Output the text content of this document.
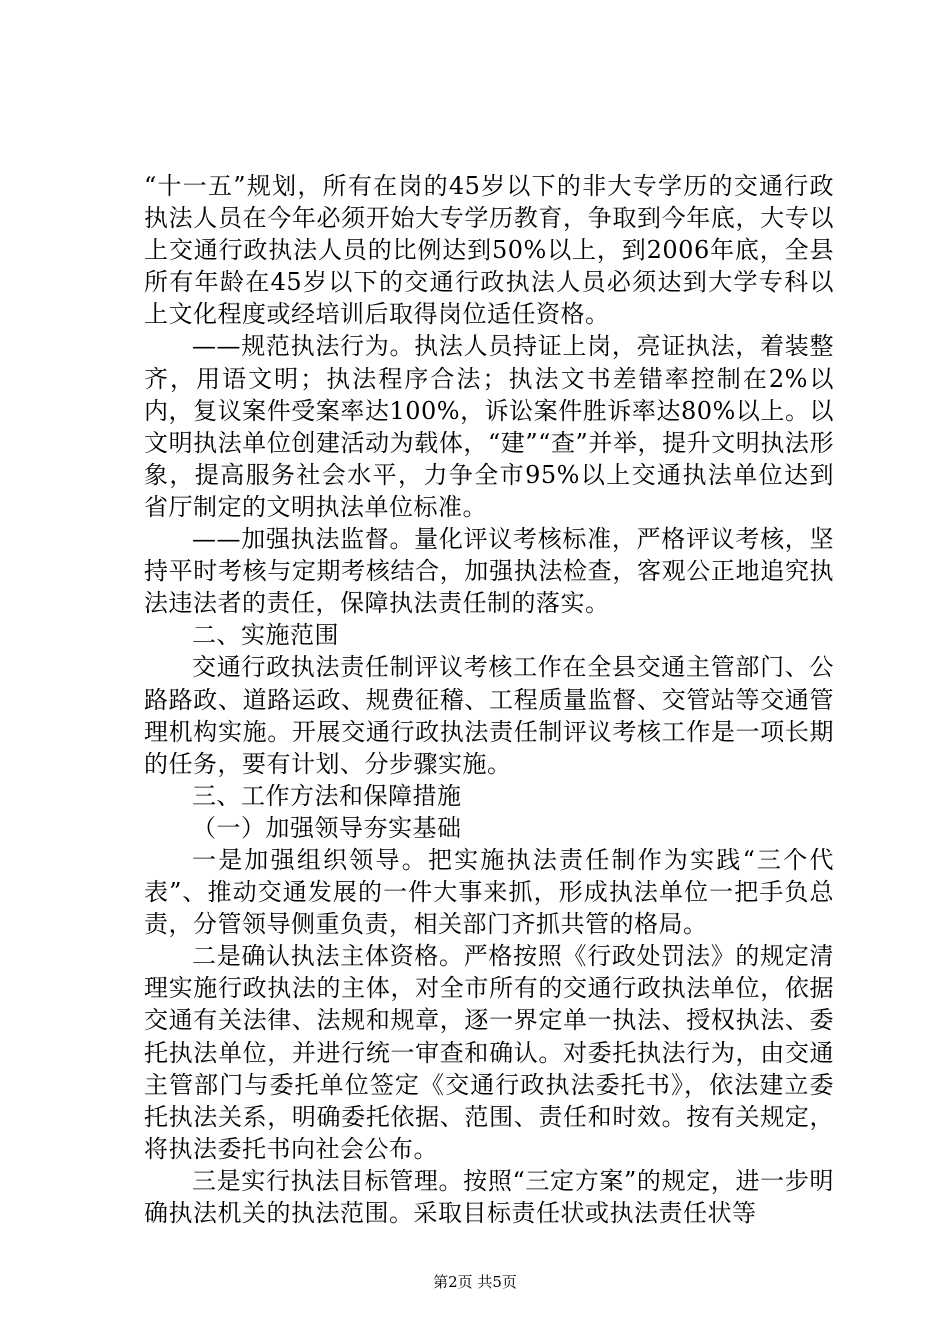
“十一五”规划，所有在岗的45岁以下的非大专学历的交通行政执法人员在今年必须开始大专学历教育，争取到今年底，大专以上交通行政执法人员的比例达到50%以上，到2006年底，全县所有年龄在45岁以下的交通行政执法人员必须达到大学专科以上文化程度或经培训后取得岗位适任资格。

——规范执法行为。执法人员持证上岗，亮证执法，着装整齐，用语文明；执法程序合法；执法文书差错率控制在2%以内，复议案件受案率达100%，诉讼案件胜诉率达80%以上。以文明执法单位创建活动为载体，“建”“查”并举，提升文明执法形象，提高服务社会水平，力争全市95%以上交通执法单位达到省厅制定的文明执法单位标准。

——加强执法监督。量化评议考核标准，严格评议考核，坚持平时考核与定期考核结合，加强执法检查，客观公正地追究执法违法者的责任，保障执法责任制的落实。

二、实施范围

交通行政执法责任制评议考核工作在全县交通主管部门、公路路政、道路运政、规费征稽、工程质量监督、交管站等交通管理机构实施。开展交通行政执法责任制评议考核工作是一项长期的任务，要有计划、分步骤实施。

三、工作方法和保障措施

（一）加强领导夯实基础

一是加强组织领导。把实施执法责任制作为实践“三个代表”、推动交通发展的一件大事来抓，形成执法单位一把手负总责，分管领导侧重负责，相关部门齐抓共管的格局。

二是确认执法主体资格。严格按照《行政处罚法》的规定清理实施行政执法的主体，对全市所有的交通行政执法单位，依据交通有关法律、法规和规章，逐一界定单一执法、授权执法、委托执法单位，并进行统一审查和确认。对委托执法行为，由交通主管部门与委托单位签定《交通行政执法委托书》，依法建立委托执法关系，明确委托依据、范围、责任和时效。按有关规定，将执法委托书向社会公布。

三是实行执法目标管理。按照“三定方案”的规定，进一步明确执法机关的执法范围。采取目标责任状或执法责任状等

第2页 共5页
